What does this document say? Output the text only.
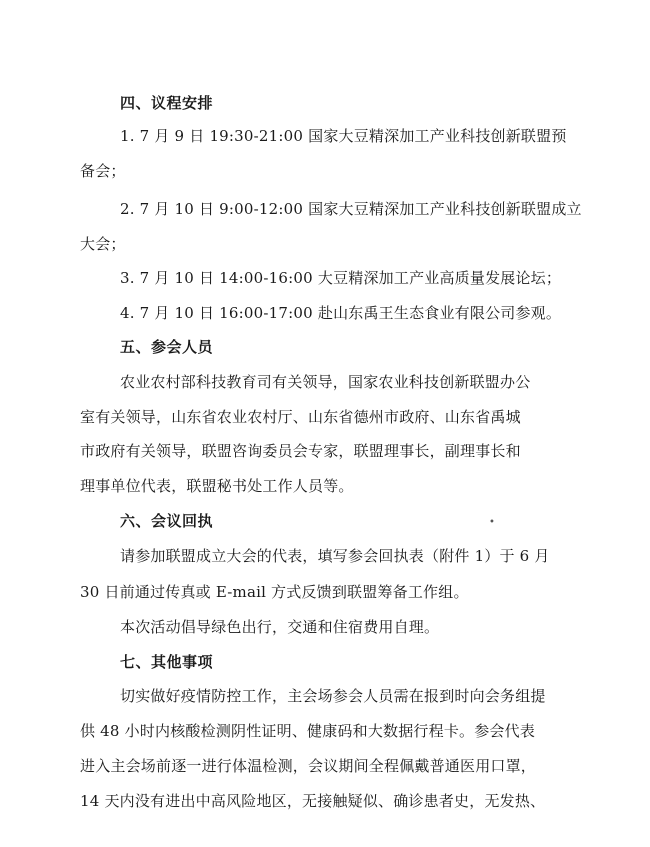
四、议程安排
1. 7 月 9 日 19:30-21:00 国家大豆精深加工产业科技创新联盟预
备会；
2. 7 月 10 日 9:00-12:00 国家大豆精深加工产业科技创新联盟成立
大会；
3. 7 月 10 日 14:00-16:00 大豆精深加工产业高质量发展论坛；
4. 7 月 10 日 16:00-17:00 赴山东禹王生态食业有限公司参观。
五、参会人员
农业农村部科技教育司有关领导，国家农业科技创新联盟办公
室有关领导，山东省农业农村厅、山东省德州市政府、山东省禹城
市政府有关领导，联盟咨询委员会专家，联盟理事长，副理事长和
理事单位代表，联盟秘书处工作人员等。
六、会议回执	•
请参加联盟成立大会的代表，填写参会回执表（附件 1）于 6 月
30 日前通过传真或 E-mail 方式反馈到联盟筹备工作组。
本次活动倡导绿色出行，交通和住宿费用自理。
七、其他事项
切实做好疫情防控工作，主会场参会人员需在报到时向会务组提
供 48 小时内核酸检测阴性证明、健康码和大数据行程卡。参会代表
进入主会场前逐一进行体温检测，会议期间全程佩戴普通医用口罩，
14 天内没有进出中高风险地区，无接触疑似、确诊患者史，无发热、
